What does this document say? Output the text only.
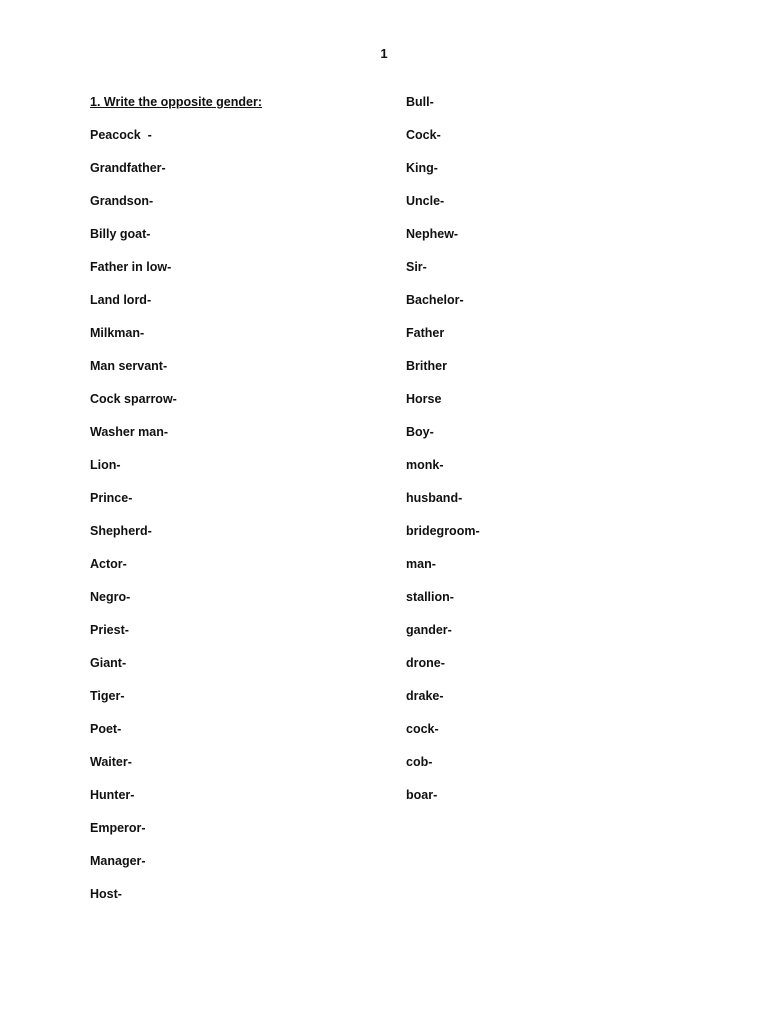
1
1. Write the opposite gender:
Peacock  -
Grandfather-
Grandson-
Billy goat-
Father in low-
Land lord-
Milkman-
Man servant-
Cock sparrow-
Washer man-
Lion-
Prince-
Shepherd-
Actor-
Negro-
Priest-
Giant-
Tiger-
Poet-
Waiter-
Hunter-
Emperor-
Manager-
Host-
Bull-
Cock-
King-
Uncle-
Nephew-
Sir-
Bachelor-
Father
Brither
Horse
Boy-
monk-
husband-
bridegroom-
man-
stallion-
gander-
drone-
drake-
cock-
cob-
boar-
